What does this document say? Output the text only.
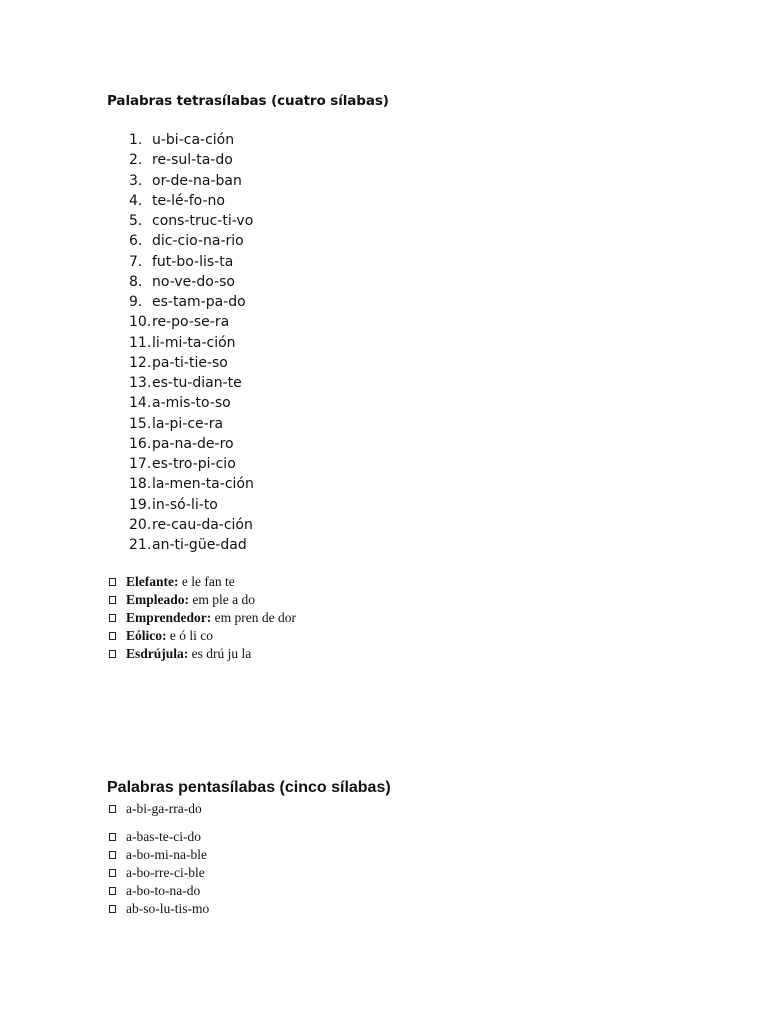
Palabras tetrasílabas (cuatro sílabas)
1. u-bi-ca-ción
2. re-sul-ta-do
3. or-de-na-ban
4. te-lé-fo-no
5. cons-truc-ti-vo
6. dic-cio-na-rio
7. fut-bo-lis-ta
8. no-ve-do-so
9. es-tam-pa-do
10. re-po-se-ra
11. li-mi-ta-ción
12. pa-ti-tie-so
13. es-tu-dian-te
14. a-mis-to-so
15. la-pi-ce-ra
16. pa-na-de-ro
17. es-tro-pi-cio
18. la-men-ta-ción
19. in-só-li-to
20. re-cau-da-ción
21. an-ti-güe-dad
Elefante: e le fan te
Empleado: em ple a do
Emprendedor: em pren de dor
Eólico: e ó li co
Esdrújula: es drú ju la
Palabras pentasílabas (cinco sílabas)
a-bi-ga-rra-do
a-bas-te-ci-do
a-bo-mi-na-ble
a-bo-rre-ci-ble
a-bo-to-na-do
ab-so-lu-tis-mo
